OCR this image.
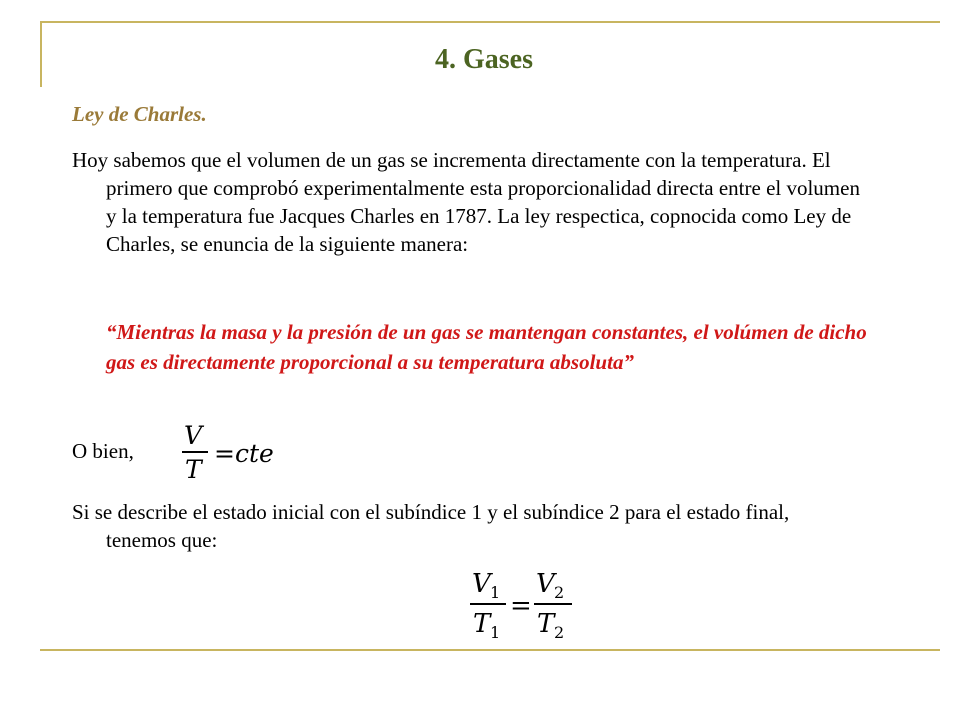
4. Gases
Ley de Charles.
Hoy sabemos que el volumen de un gas se incrementa directamente con la temperatura. El primero que comprobó experimentalmente esta proporcionalidad directa entre el volumen y la temperatura fue Jacques Charles en 1787. La ley respectica, copnocida como Ley de Charles, se enuncia de la siguiente manera:
“Mientras la masa y la presión de un gas se mantengan constantes, el volúmen de dicho gas es directamente proporcional a su temperatura absoluta”
O bien,
V
T
= cte
Si se describe el estado inicial con el subíndice 1 y el subíndice 2 para el estado final, tenemos que:
V 1
T 1
=
V 2
T 2
